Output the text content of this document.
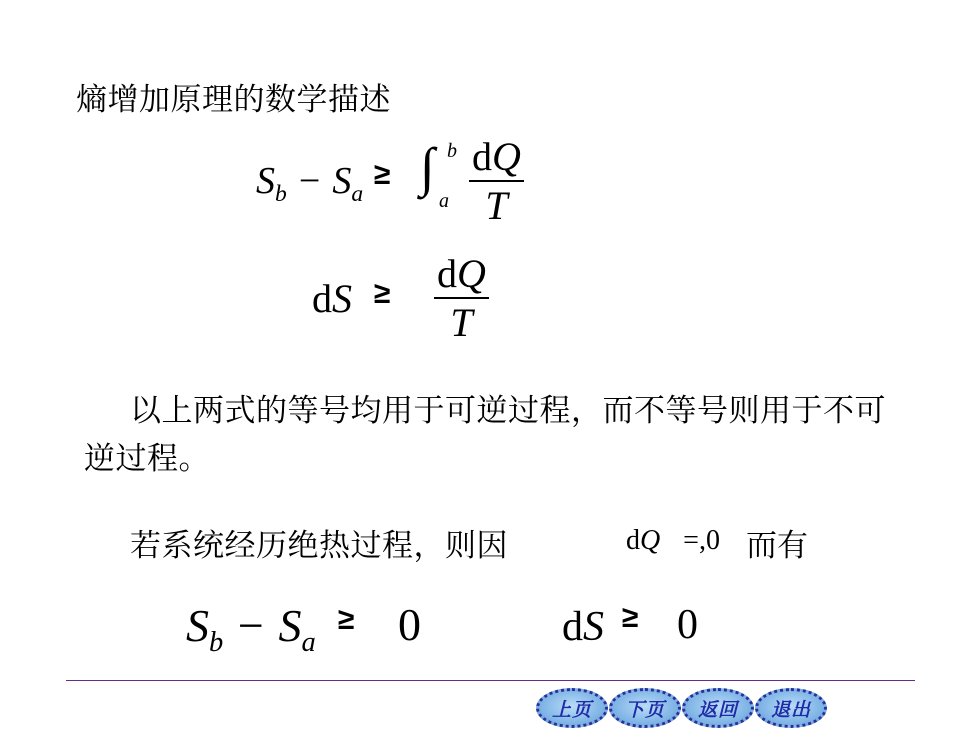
熵增加原理的数学描述
$S_b - S_a$
≥ ∫ b
a
dQ
T
dS ≥ dQ
T
以上两式的等号均用于可逆过程，而不等号则用于不可逆过程。
若系统经历绝热过程，则因	dQ =,0 而有
$S_b - S_a$
≥ 0	dS ≥ 0
上页	下页	返回	退出
